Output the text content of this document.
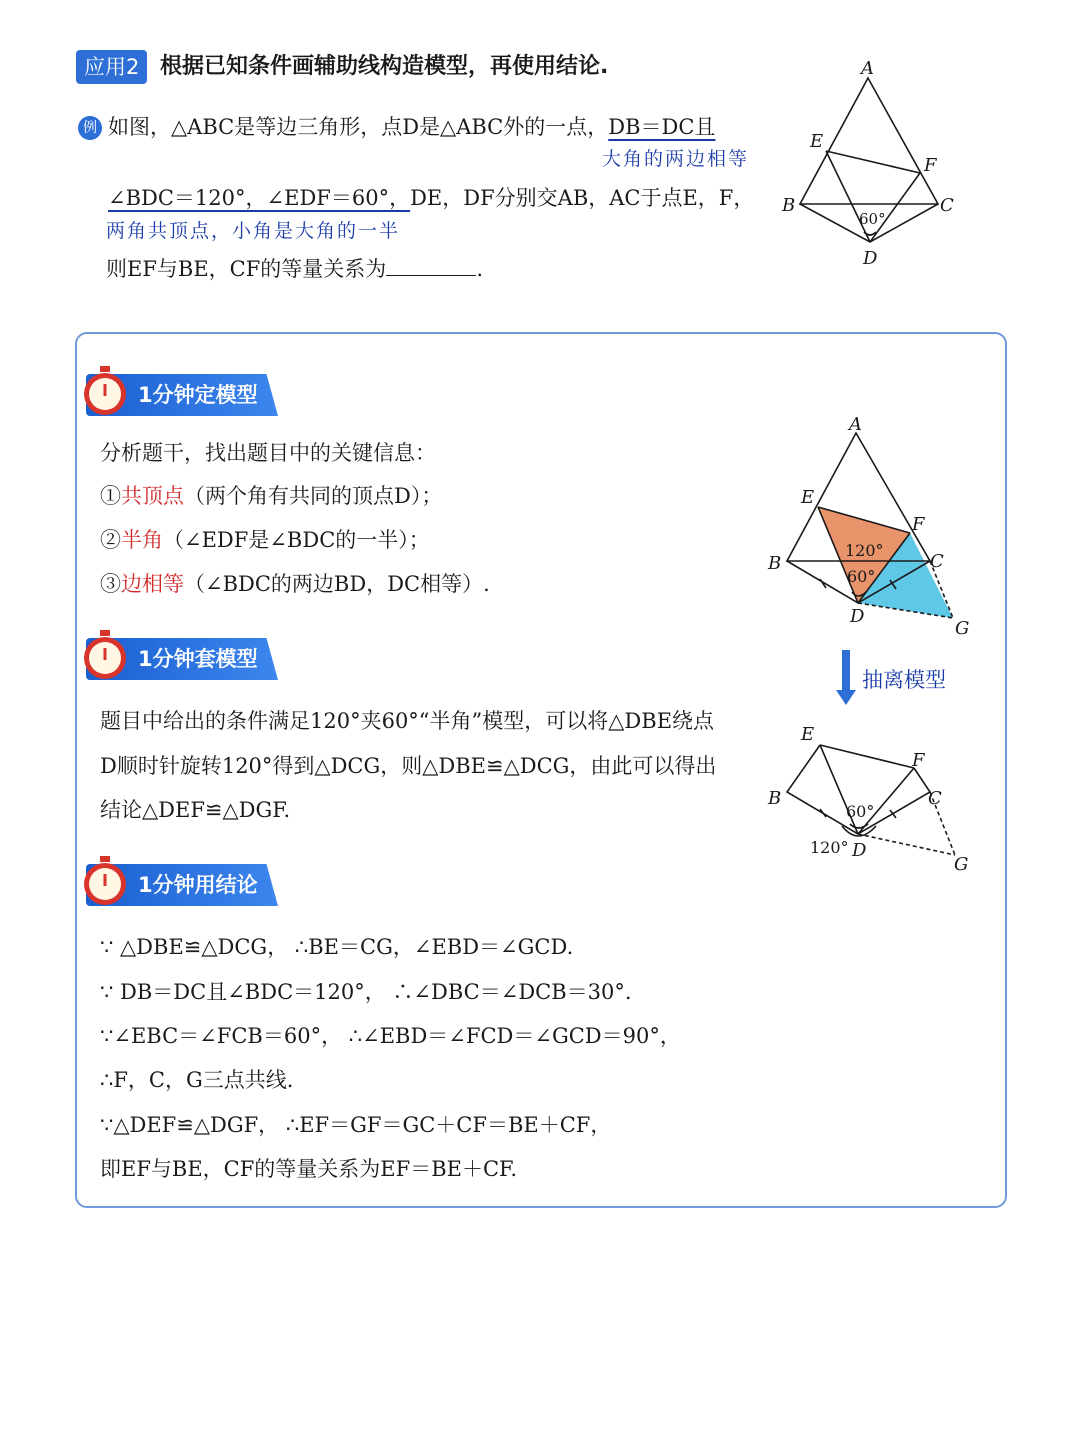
应用2 根据已知条件画辅助线构造模型，再使用结论.
例 如图，△ABC是等边三角形，点D是△ABC外的一点，DB＝DC且
大角的两边相等
∠BDC＝120°，∠EDF＝60°，DE，DF分别交AB，AC于点E，F，
两角共顶点，小角是大角的一半
则EF与BE，CF的等量关系为	.
A
E
F
B	C
D
60°
1分钟定模型
分析题干，找出题目中的关键信息：
①共顶点（两个角有共同的顶点D）；
②半角（∠EDF是∠BDC的一半）；
③边相等（∠BDC的两边BD，DC相等）.
1分钟套模型
题目中给出的条件满足120°夹60°“半角”模型，可以将△DBE绕点
D顺时针旋转120°得到△DCG，则△DBE≌△DCG，由此可以得出
结论△DEF≌△DGF.
1分钟用结论
∵ △DBE≌△DCG， ∴BE＝CG，∠EBD＝∠GCD.
∵ DB＝DC且∠BDC＝120°， ∴∠DBC＝∠DCB＝30°.
∵∠EBC＝∠FCB＝60°， ∴∠EBD＝∠FCD＝∠GCD＝90°，
∴F，C，G三点共线.
∵△DEF≌△DGF， ∴EF＝GF＝GC＋CF＝BE＋CF，
即EF与BE，CF的等量关系为EF＝BE＋CF.
A
E
F
B	C
D
G
120°
60°
抽离模型
E
F
B	C
D
G
60°
120°
